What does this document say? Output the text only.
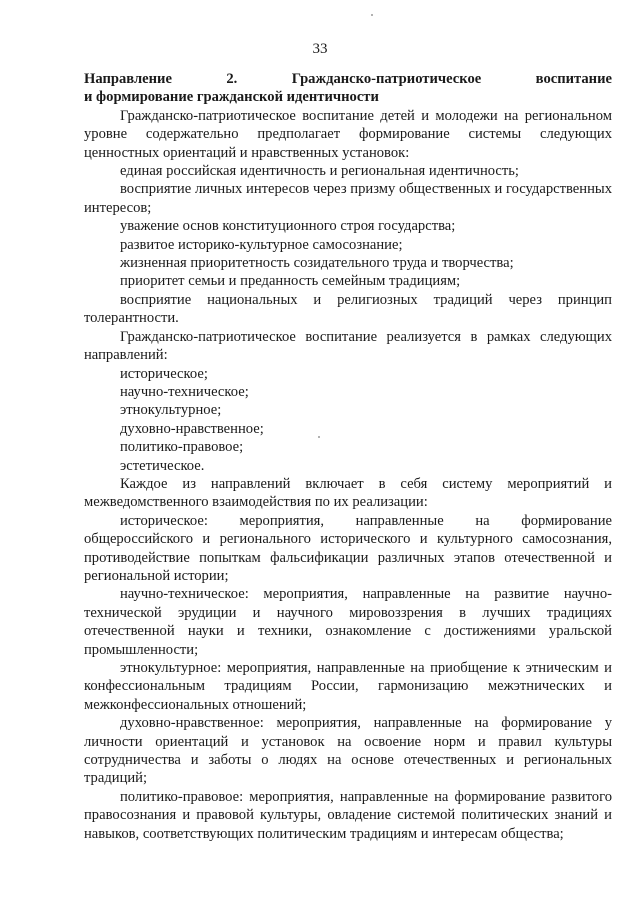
33
Направление	2.	Гражданско-патриотическое	воспитание
и формирование гражданской идентичности

Гражданско-патриотическое воспитание детей и молодежи на региональном уровне содержательно предполагает формирование системы следующих ценностных ориентаций и нравственных установок:

единая российская идентичность и региональная идентичность;

восприятие личных интересов через призму общественных и государственных интересов;

уважение основ конституционного строя государства;

развитое историко-культурное самосознание;

жизненная приоритетность созидательного труда и творчества;

приоритет семьи и преданность семейным традициям;

восприятие национальных и религиозных традиций через принцип толерантности.

Гражданско-патриотическое воспитание реализуется в рамках следующих направлений:

историческое;

научно-техническое;

этнокультурное;

духовно-нравственное;

политико-правовое;

эстетическое.

Каждое из направлений включает в себя систему мероприятий и межведомственного взаимодействия по их реализации:

историческое: мероприятия, направленные на формирование общероссийского и регионального исторического и культурного самосознания, противодействие попыткам фальсификации различных этапов отечественной и региональной истории;

научно-техническое: мероприятия, направленные на развитие научно-технической эрудиции и научного мировоззрения в лучших традициях отечественной науки и техники, ознакомление с достижениями уральской промышленности;

этнокультурное: мероприятия, направленные на приобщение к этническим и конфессиональным традициям России, гармонизацию межэтнических и межконфессиональных отношений;

духовно-нравственное: мероприятия, направленные на формирование у личности ориентаций и установок на освоение норм и правил культуры сотрудничества и заботы о людях на основе отечественных и региональных традиций;

политико-правовое: мероприятия, направленные на формирование развитого правосознания и правовой культуры, овладение системой политических знаний и навыков, соответствующих политическим традициям и интересам общества;
